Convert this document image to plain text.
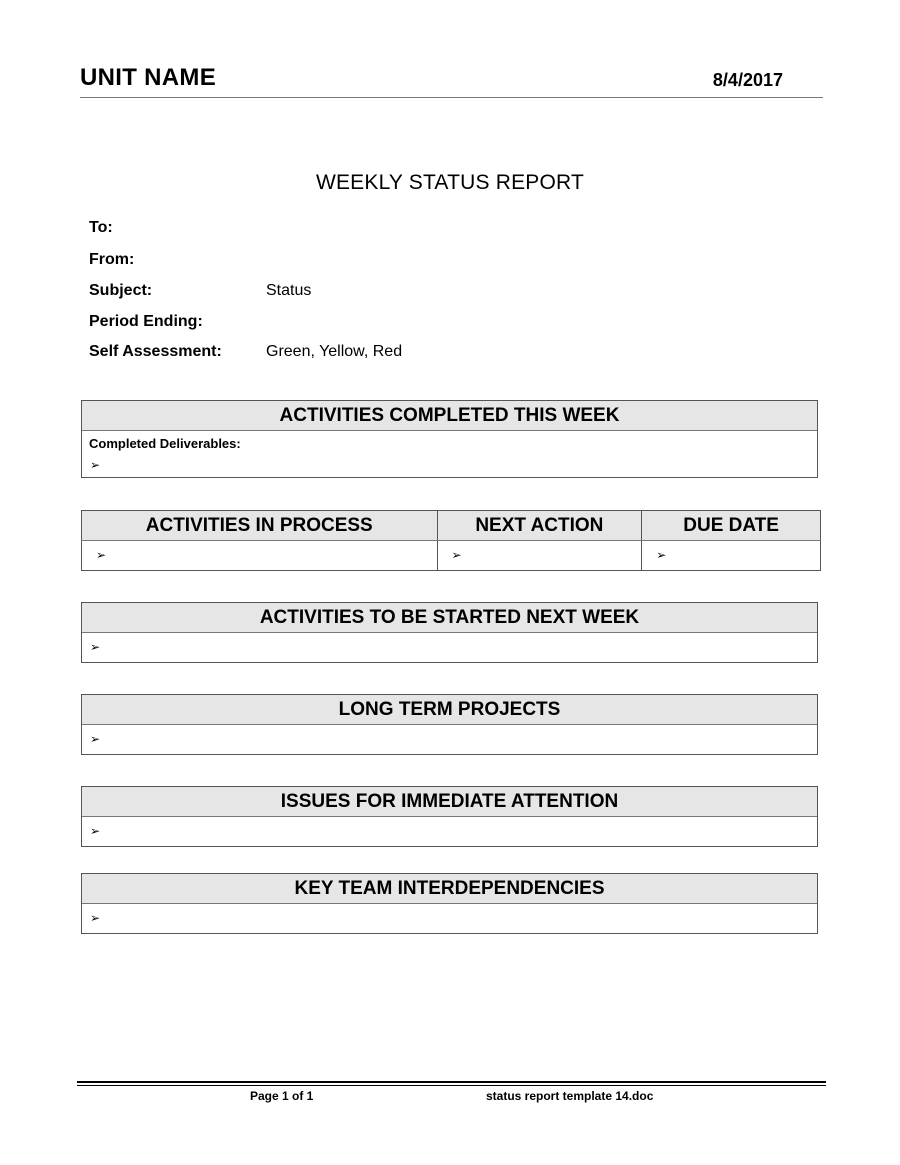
UNIT NAME	8/4/2017
WEEKLY STATUS REPORT
To:
From:
Subject:	Status
Period Ending:
Self Assessment:	Green, Yellow, Red
ACTIVITIES COMPLETED THIS WEEK
Completed Deliverables:
➢
ACTIVITIES IN PROCESS	NEXT ACTION	DUE DATE

➢	➢	➢
ACTIVITIES TO BE STARTED NEXT WEEK
➢
LONG TERM PROJECTS
➢
ISSUES FOR IMMEDIATE ATTENTION
➢
KEY TEAM INTERDEPENDENCIES
➢
Page 1 of 1	status report template 14.doc
